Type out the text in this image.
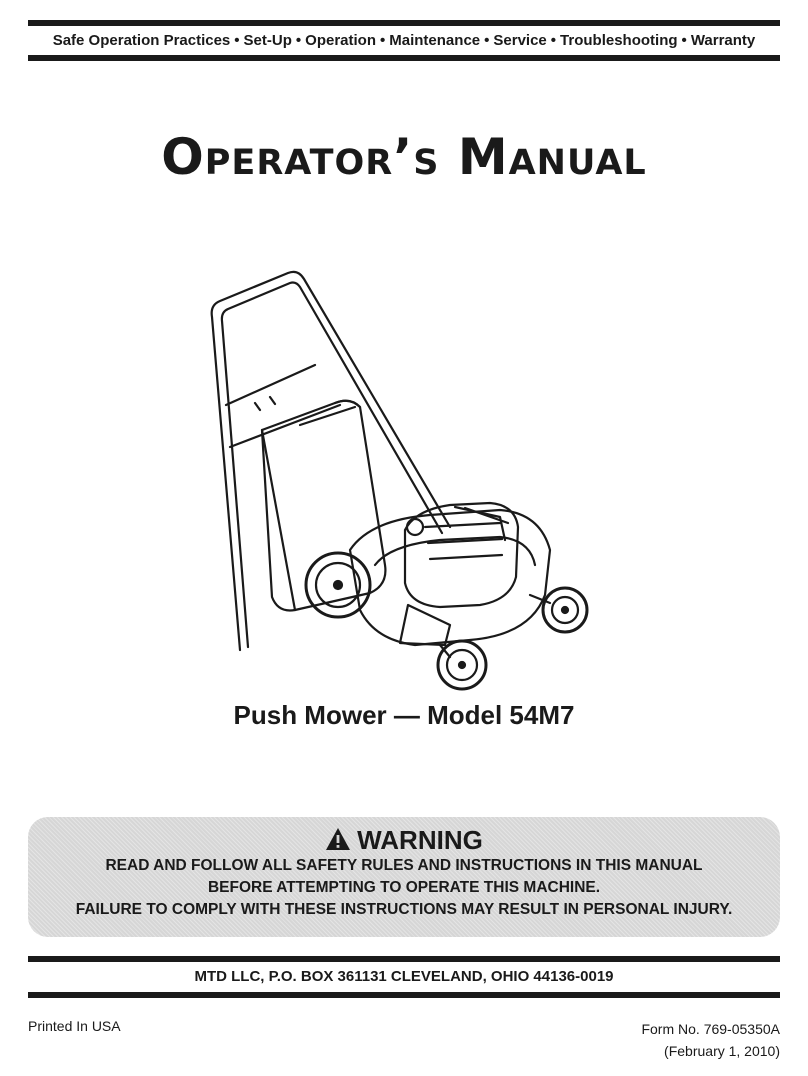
Safe Operation Practices • Set-Up • Operation • Maintenance • Service • Troubleshooting • Warranty
Operator’s Manual
Push Mower — Model 54M7
WARNING
READ AND FOLLOW ALL SAFETY RULES AND INSTRUCTIONS IN THIS MANUAL
BEFORE ATTEMPTING TO OPERATE THIS MACHINE.
FAILURE TO COMPLY WITH THESE INSTRUCTIONS MAY RESULT IN PERSONAL INJURY.
MTD LLC, P.O. BOX 361131 CLEVELAND, OHIO 44136-0019
Printed In USA	Form No. 769-05350A
(February 1, 2010)
